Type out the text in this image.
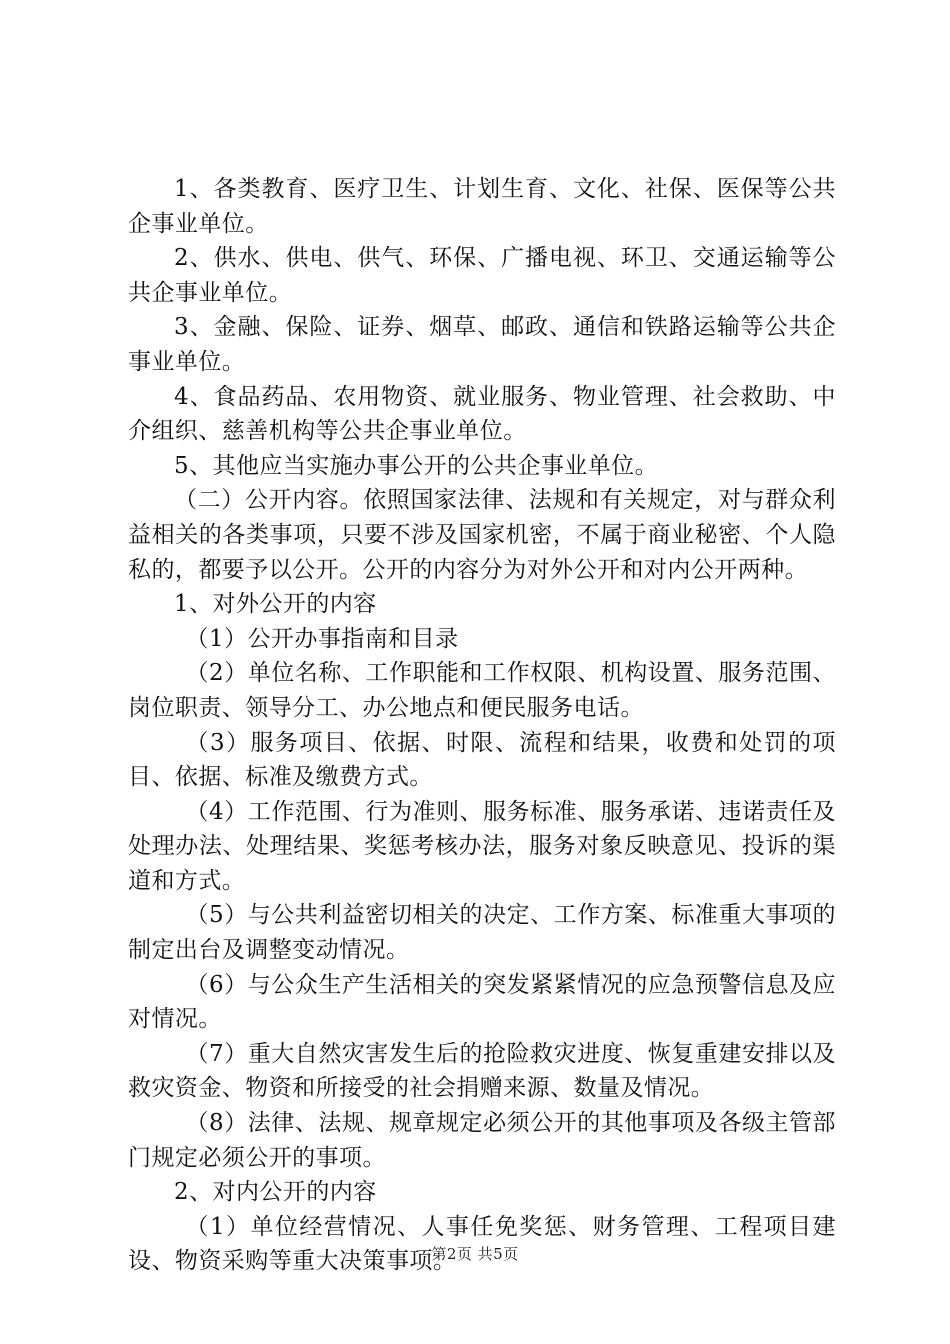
1、各类教育、医疗卫生、计划生育、文化、社保、医保等公共企事业单位。

2、供水、供电、供气、环保、广播电视、环卫、交通运输等公共企事业单位。

3、金融、保险、证券、烟草、邮政、通信和铁路运输等公共企事业单位。

4、食品药品、农用物资、就业服务、物业管理、社会救助、中介组织、慈善机构等公共企事业单位。

5、其他应当实施办事公开的公共企事业单位。

（二）公开内容。依照国家法律、法规和有关规定，对与群众利益相关的各类事项，只要不涉及国家机密，不属于商业秘密、个人隐私的，都要予以公开。公开的内容分为对外公开和对内公开两种。

1、对外公开的内容

（1）公开办事指南和目录

（2）单位名称、工作职能和工作权限、机构设置、服务范围、岗位职责、领导分工、办公地点和便民服务电话。

（3）服务项目、依据、时限、流程和结果，收费和处罚的项目、依据、标准及缴费方式。

（4）工作范围、行为准则、服务标准、服务承诺、违诺责任及处理办法、处理结果、奖惩考核办法，服务对象反映意见、投诉的渠道和方式。

（5）与公共利益密切相关的决定、工作方案、标准重大事项的制定出台及调整变动情况。

（6）与公众生产生活相关的突发紧紧情况的应急预警信息及应对情况。

（7）重大自然灾害发生后的抢险救灾进度、恢复重建安排以及救灾资金、物资和所接受的社会捐赠来源、数量及情况。

（8）法律、法规、规章规定必须公开的其他事项及各级主管部门规定必须公开的事项。

2、对内公开的内容

（1）单位经营情况、人事任免奖惩、财务管理、工程项目建设、物资采购等重大决策事项。

第2页 共5页
